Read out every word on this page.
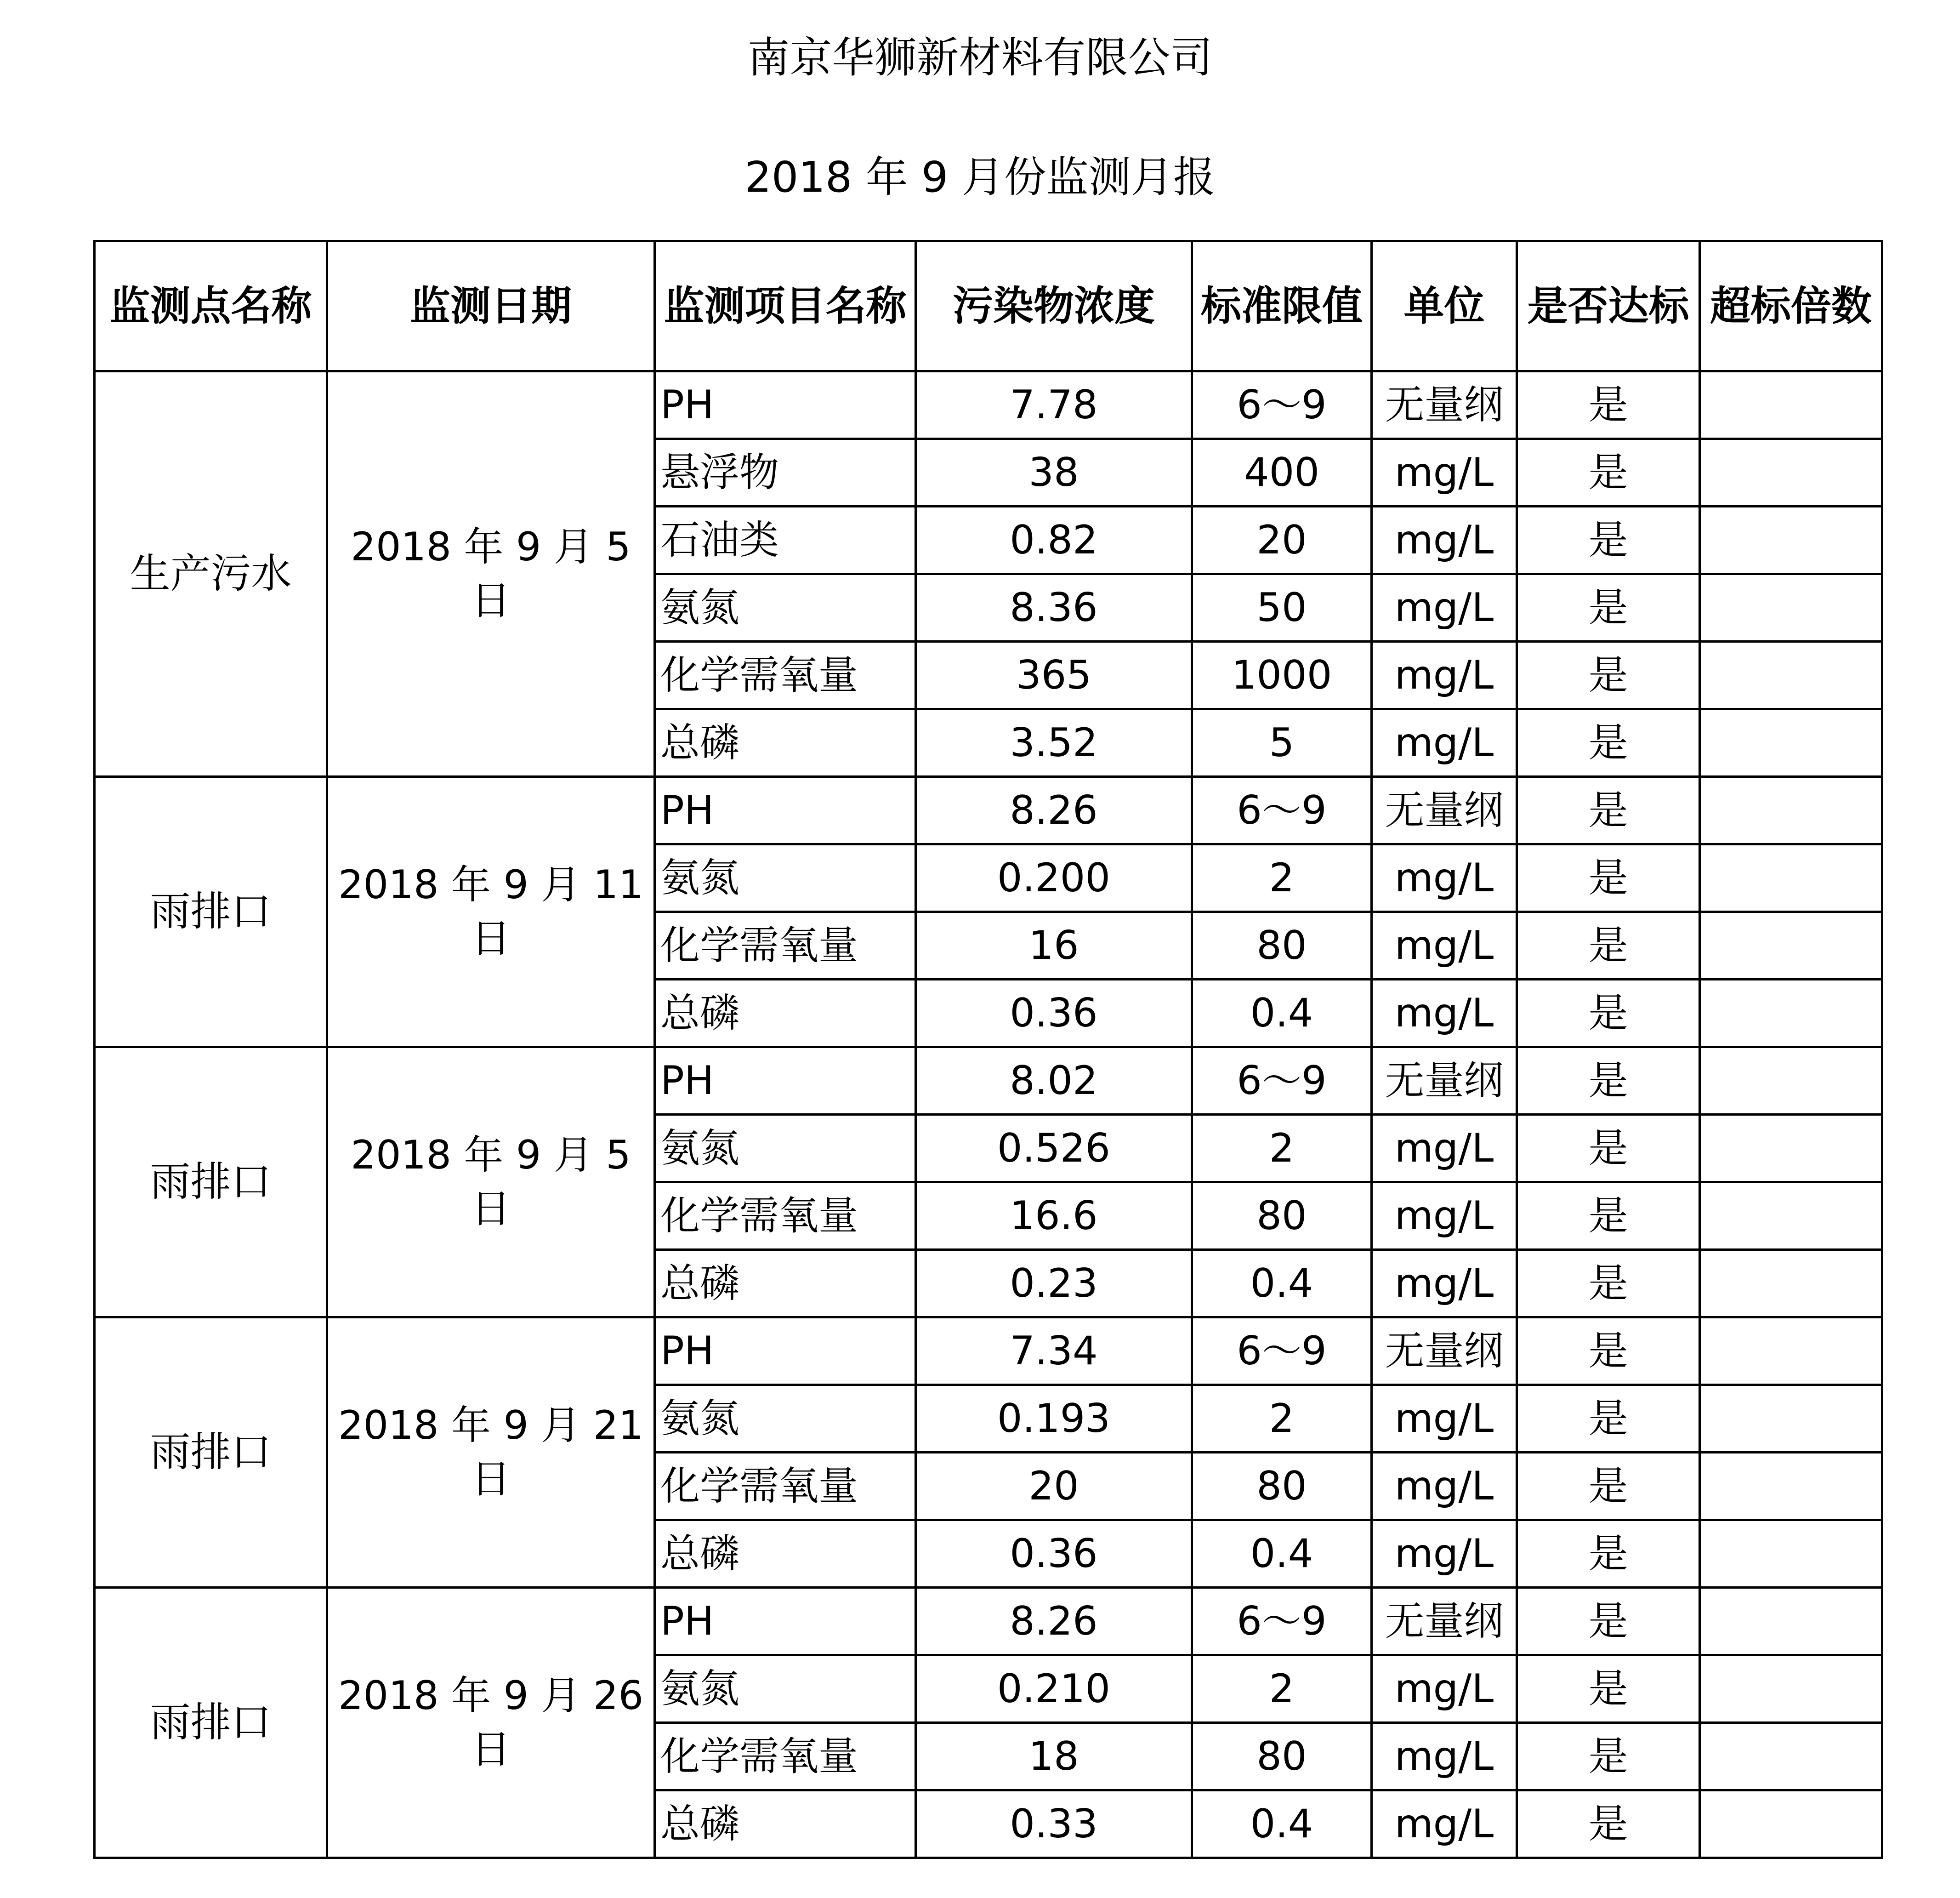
南京华狮新材料有限公司
2018 年 9 月份监测月报
监测点名称	监测日期	监测项目名称	污染物浓度	标准限值	单位	是否达标	超标倍数
生产污水	2018 年 9 月 5 日	PH	7.78	6～9	无量纲	是	
		悬浮物	38	400	mg/L	是	
		石油类	0.82	20	mg/L	是	
		氨氮	8.36	50	mg/L	是	
		化学需氧量	365	1000	mg/L	是	
		总磷	3.52	5	mg/L	是	
雨排口	2018 年 9 月 11 日	PH	8.26	6～9	无量纲	是	
		氨氮	0.200	2	mg/L	是	
		化学需氧量	16	80	mg/L	是	
		总磷	0.36	0.4	mg/L	是	
雨排口	2018 年 9 月 5 日	PH	8.02	6～9	无量纲	是	
		氨氮	0.526	2	mg/L	是	
		化学需氧量	16.6	80	mg/L	是	
		总磷	0.23	0.4	mg/L	是	
雨排口	2018 年 9 月 21 日	PH	7.34	6～9	无量纲	是	
		氨氮	0.193	2	mg/L	是	
		化学需氧量	20	80	mg/L	是	
		总磷	0.36	0.4	mg/L	是	
雨排口	2018 年 9 月 26 日	PH	8.26	6～9	无量纲	是	
		氨氮	0.210	2	mg/L	是	
		化学需氧量	18	80	mg/L	是	
		总磷	0.33	0.4	mg/L	是	
